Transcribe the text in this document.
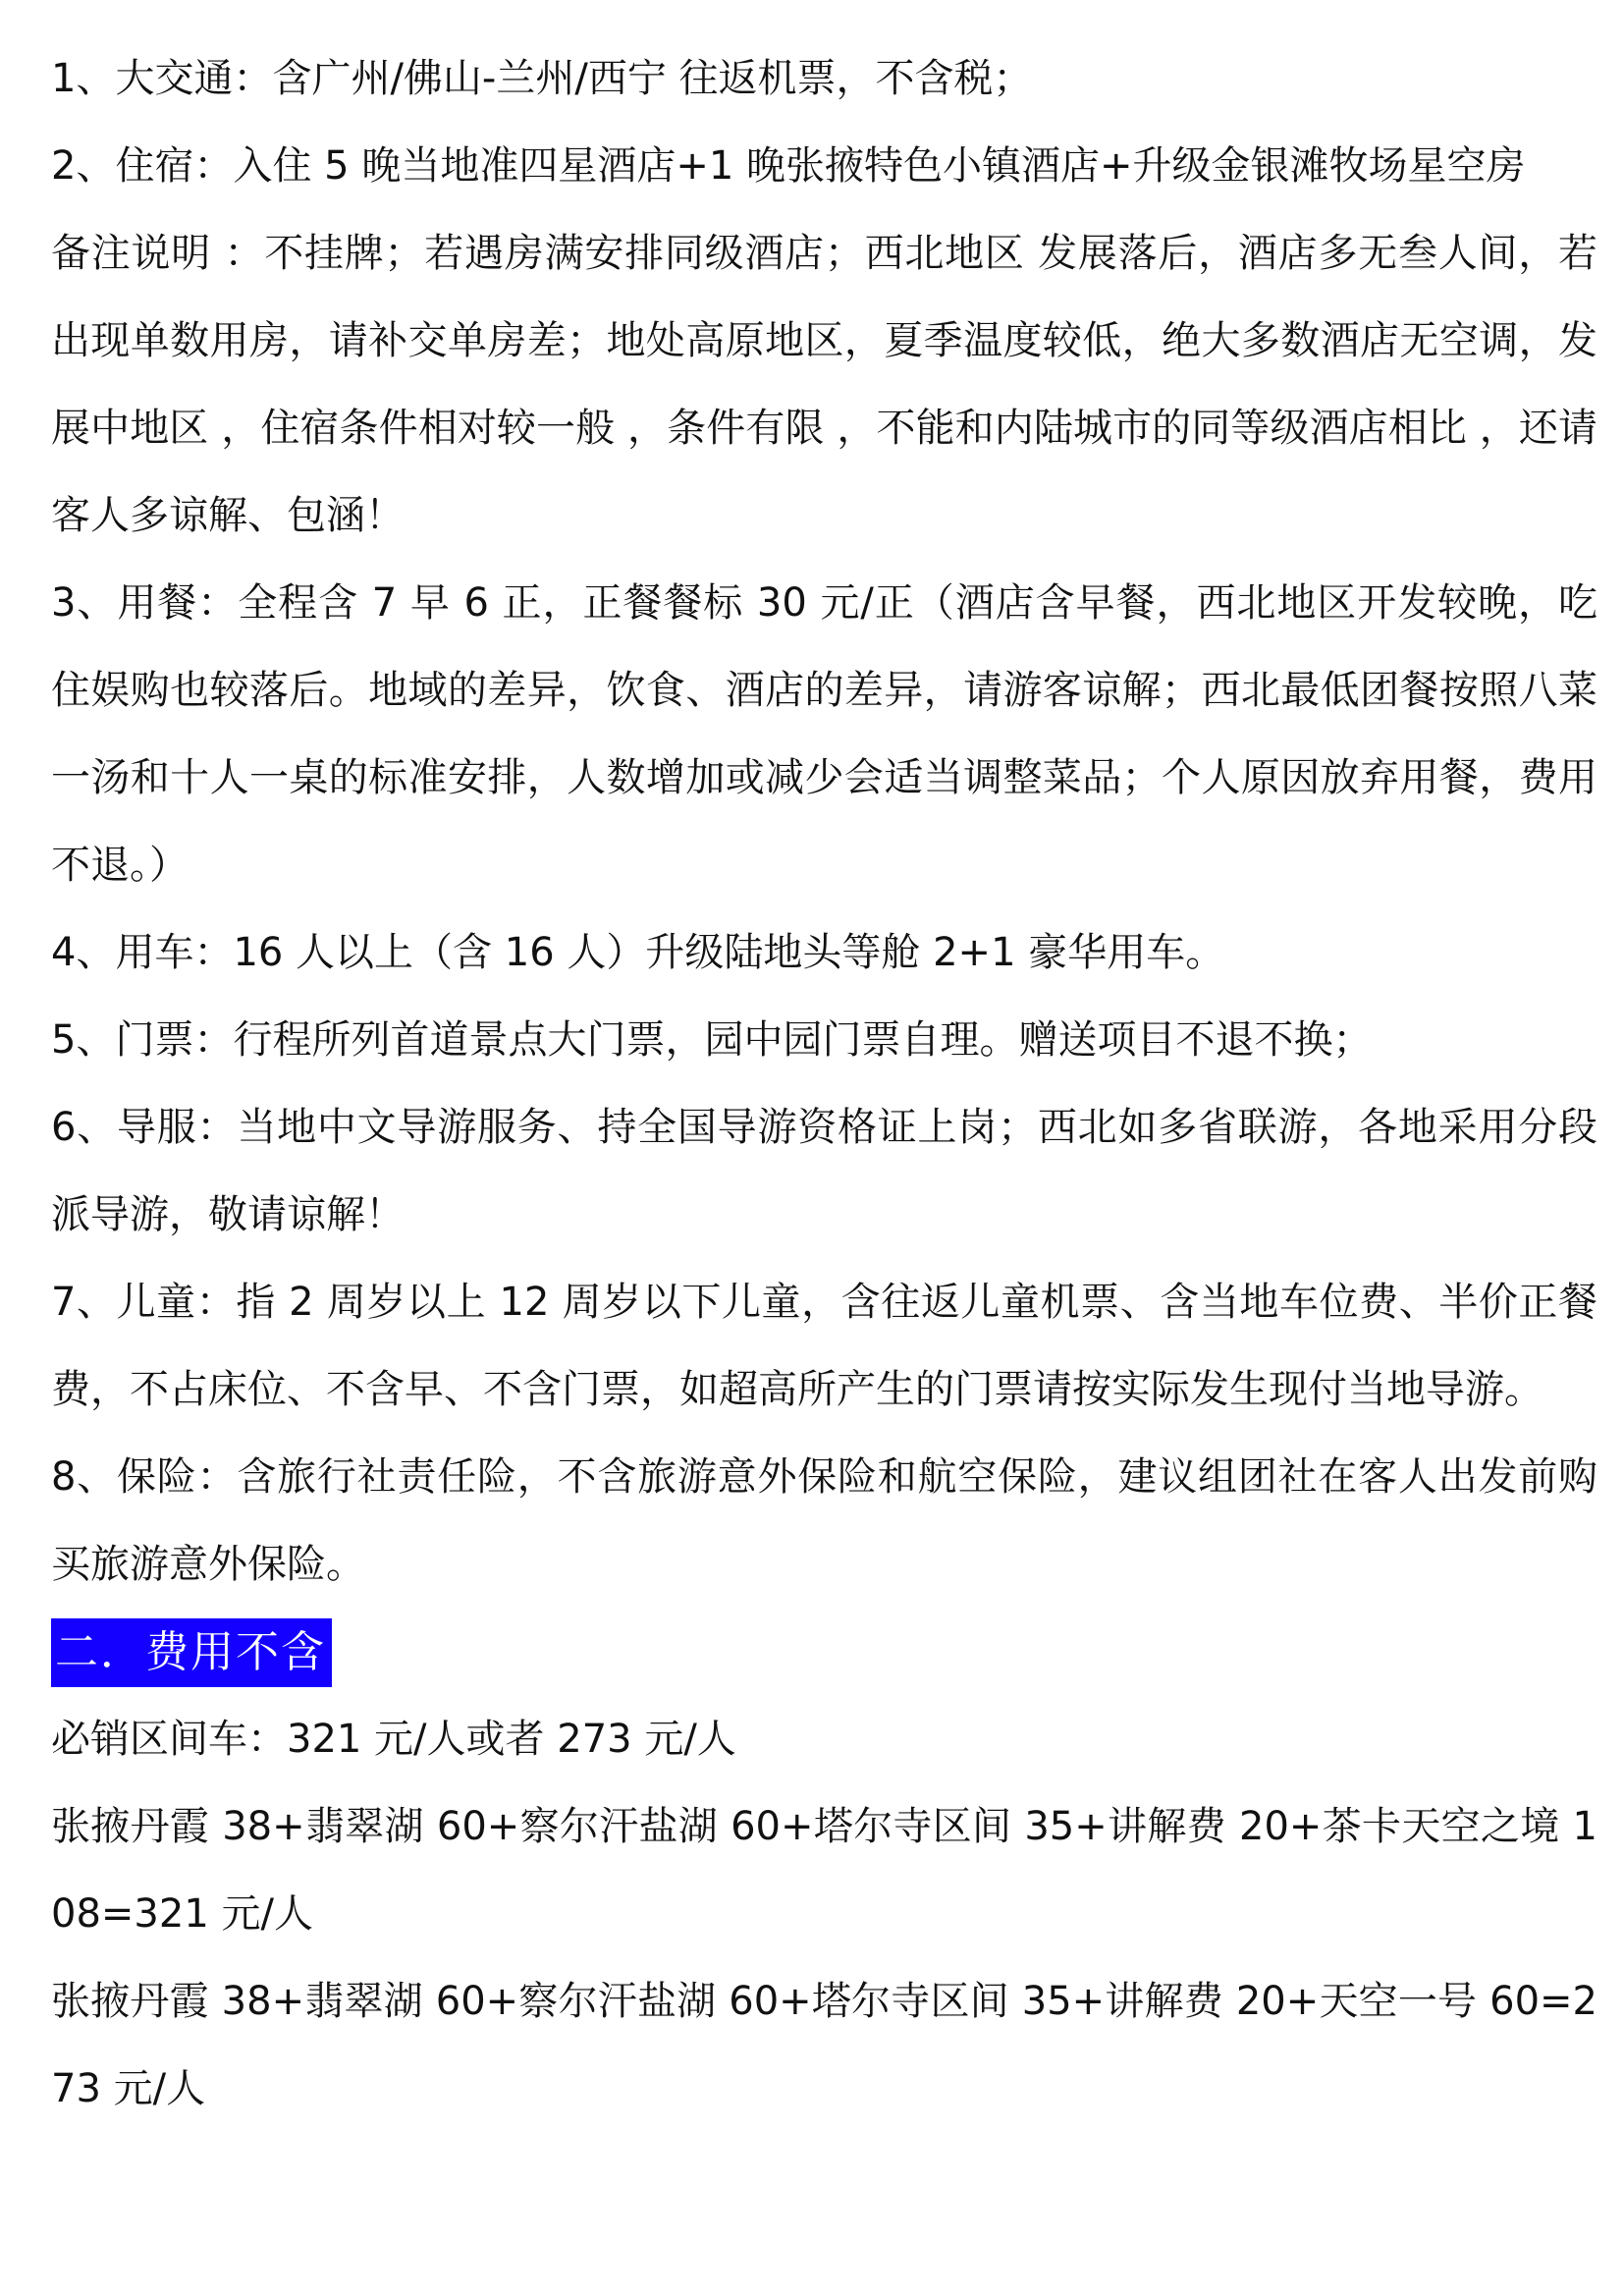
1、大交通：含广州/佛山-兰州/西宁 往返机票，不含税；

2、住宿：入住 5 晚当地准四星酒店+1 晚张掖特色小镇酒店+升级金银滩牧场星空房

备注说明 ：不挂牌；若遇房满安排同级酒店；西北地区 发展落后，酒店多无叁人间，若出现单数用房，请补交单房差；地处高原地区，夏季温度较低，绝大多数酒店无空调，发展中地区 ，住宿条件相对较一般 ，条件有限 ，不能和内陆城市的同等级酒店相比 ，还请客人多谅解、包涵！

3、用餐：全程含 7 早 6 正，正餐餐标 30 元/正（酒店含早餐，西北地区开发较晚，吃住娱购也较落后。地域的差异，饮食、酒店的差异，请游客谅解；西北最低团餐按照八菜一汤和十人一桌的标准安排，人数增加或减少会适当调整菜品；个人原因放弃用餐，费用不退。）

4、用车：16 人以上（含 16 人）升级陆地头等舱 2+1 豪华用车。

5、门票：行程所列首道景点大门票，园中园门票自理。赠送项目不退不换；

6、导服：当地中文导游服务、持全国导游资格证上岗；西北如多省联游，各地采用分段派导游，敬请谅解！

7、儿童：指 2 周岁以上 12 周岁以下儿童，含往返儿童机票、含当地车位费、半价正餐费，不占床位、不含早、不含门票，如超高所产生的门票请按实际发生现付当地导游。

8、保险：含旅行社责任险，不含旅游意外保险和航空保险，建议组团社在客人出发前购买旅游意外保险。

二．费用不含

必销区间车：321 元/人或者 273 元/人

张掖丹霞 38+翡翠湖 60+察尔汗盐湖 60+塔尔寺区间 35+讲解费 20+茶卡天空之境 108=321 元/人

张掖丹霞 38+翡翠湖 60+察尔汗盐湖 60+塔尔寺区间 35+讲解费 20+天空一号 60=273 元/人
